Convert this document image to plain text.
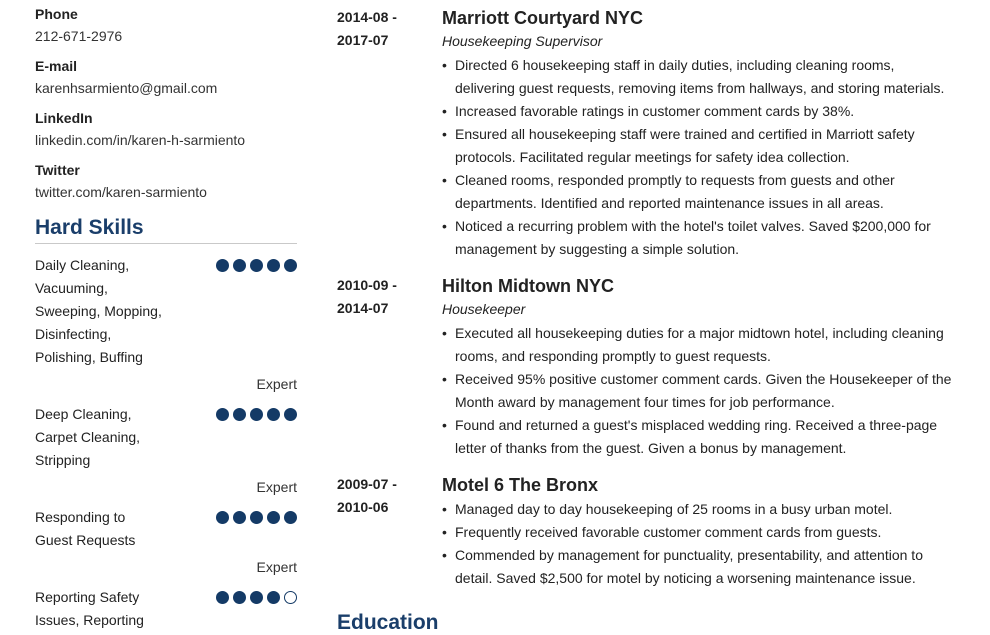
Phone
212-671-2976
E-mail
karenhsarmiento@gmail.com
LinkedIn
linkedin.com/in/karen-h-sarmiento
Twitter
twitter.com/karen-sarmiento
Hard Skills
Daily Cleaning,
Vacuuming,
Sweeping, Mopping,
Disinfecting,
Polishing, Buffing
Expert
Deep Cleaning,
Carpet Cleaning,
Stripping
Expert
Responding to
Guest Requests
Expert
Reporting Safety
Issues, Reporting
2014-08 -
2017-07
Marriott Courtyard NYC
Housekeeping Supervisor
• Directed 6 housekeeping staff in daily duties, including cleaning rooms,
delivering guest requests, removing items from hallways, and storing materials.
• Increased favorable ratings in customer comment cards by 38%.
• Ensured all housekeeping staff were trained and certified in Marriott safety
protocols. Facilitated regular meetings for safety idea collection.
• Cleaned rooms, responded promptly to requests from guests and other
departments. Identified and reported maintenance issues in all areas.
• Noticed a recurring problem with the hotel's toilet valves. Saved $200,000 for
management by suggesting a simple solution.
2010-09 -
2014-07
Hilton Midtown NYC
Housekeeper
• Executed all housekeeping duties for a major midtown hotel, including cleaning
rooms, and responding promptly to guest requests.
• Received 95% positive customer comment cards. Given the Housekeeper of the
Month award by management four times for job performance.
• Found and returned a guest's misplaced wedding ring. Received a three-page
letter of thanks from the guest. Given a bonus by management.
2009-07 -
2010-06
Motel 6 The Bronx
• Managed day to day housekeeping of 25 rooms in a busy urban motel.
• Frequently received favorable customer comment cards from guests.
• Commended by management for punctuality, presentability, and attention to
detail. Saved $2,500 for motel by noticing a worsening maintenance issue.
Education
